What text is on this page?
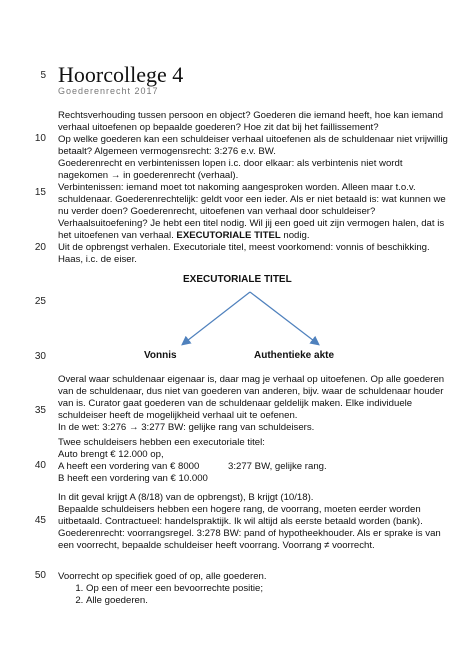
5
10
15
20
25
30
35
40
45
50
Hoorcollege 4
Goederenrecht 2017

Rechtsverhouding tussen persoon en object? Goederen die iemand heeft, hoe kan iemand verhaal uitoefenen op bepaalde goederen? Hoe zit dat bij het faillissement?

Op welke goederen kan een schuldeiser verhaal uitoefenen als de schuldenaar niet vrijwillig betaalt? Algemeen vermogensrecht: 3:276 e.v. BW.

Goederenrecht en verbintenissen lopen i.c. door elkaar: als verbintenis niet wordt nagekomen → in goederenrecht (verhaal).

Verbintenissen: iemand moet tot nakoming aangesproken worden. Alleen maar t.o.v. schuldenaar. Goederenrechtelijk: geldt voor een ieder. Als er niet betaald is: wat kunnen we nu verder doen? Goederenrecht, uitoefenen van verhaal door schuldeiser? Verhaalsuitoefening? Je hebt een titel nodig. Wil jij een goed uit zijn vermogen halen, dat is het uitoefenen van verhaal. EXECUTORIALE TITEL nodig.

Uit de opbrengst verhalen. Executoriale titel, meest voorkomend: vonnis of beschikking. Haas, i.c. de eiser.

EXECUTORIALE TITEL
Vonnis	Authentieke akte

Overal waar schuldenaar eigenaar is, daar mag je verhaal op uitoefenen. Op alle goederen van de schuldenaar, dus niet van goederen van anderen, bijv. waar de schuldenaar houder van is. Curator gaat goederen van de schuldenaar geldelijk maken. Elke individuele schuldeiser heeft de mogelijkheid verhaal uit te oefenen.

In de wet: 3:276 → 3:277 BW: gelijke rang van schuldeisers.

Twee schuldeisers hebben een executoriale titel:

Auto brengt € 12.000 op,

A heeft een vordering van € 8000

B heeft een vordering van € 10.000

3:277 BW, gelijke rang.

In dit geval krijgt A (8/18) van de opbrengst), B krijgt (10/18).

Bepaalde schuldeisers hebben een hogere rang, de voorrang, moeten eerder worden uitbetaald. Contractueel: handelspraktijk. Ik wil altijd als eerste betaald worden (bank). Goederenrecht: voorrangsregel. 3:278 BW: pand of hypotheekhouder. Als er sprake is van een voorrecht, bepaalde schuldeiser heeft voorrang. Voorrang ≠ voorrecht.

Voorrecht op specifiek goed of op, alle goederen.

1. Op een of meer een bevoorrechte positie;
2. Alle goederen.
